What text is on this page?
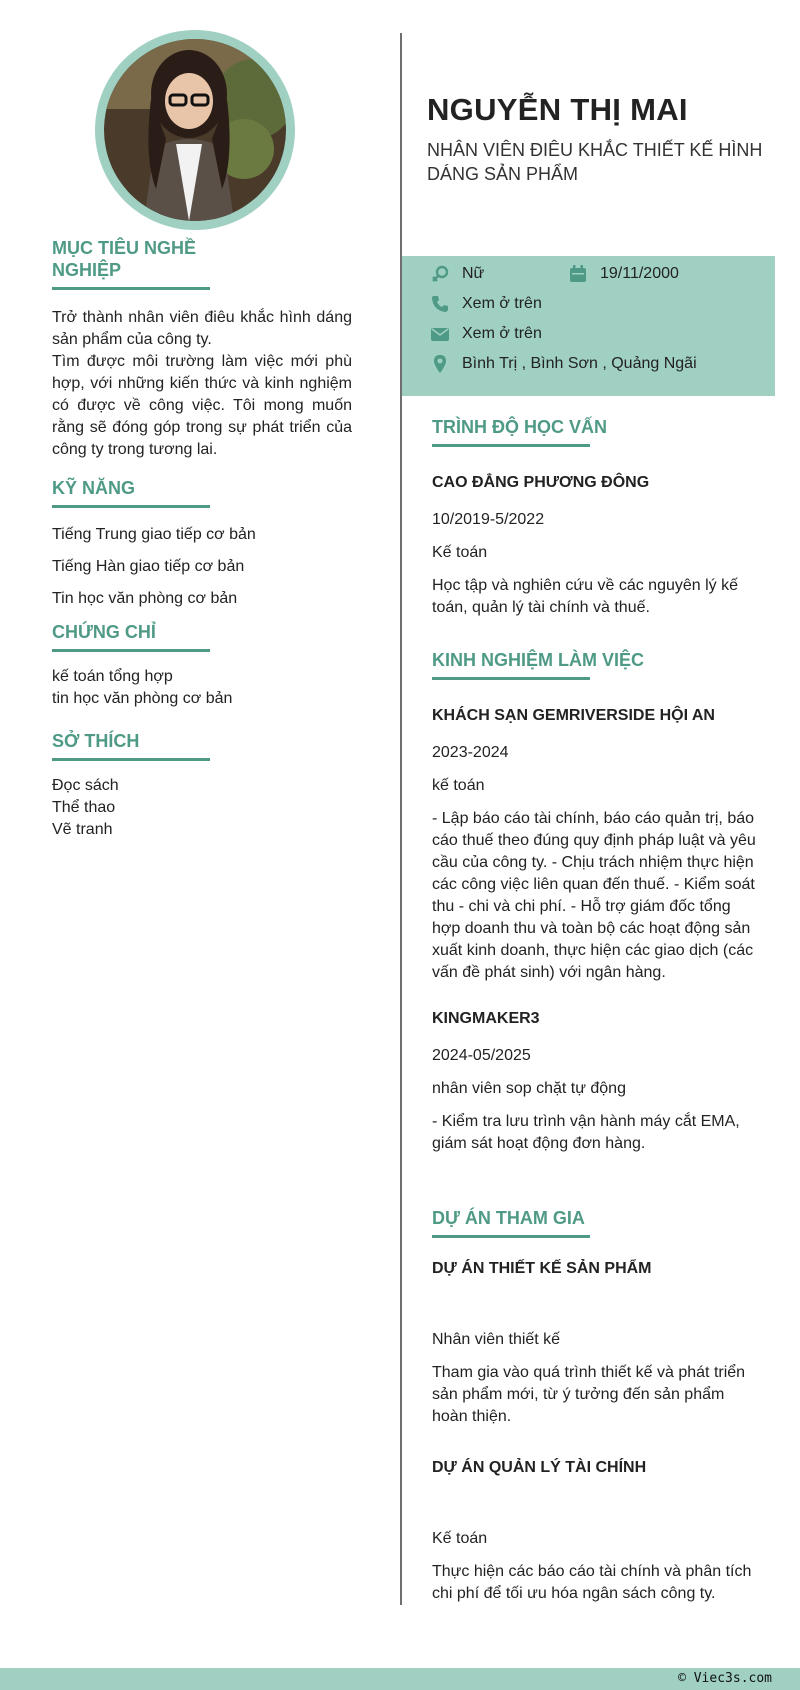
MỤC TIÊU NGHỀ NGHIỆP
Trở thành nhân viên điêu khắc hình dáng sản phẩm của công ty.
Tìm được môi trường làm việc mới phù hợp, với những kiến thức và kinh nghiệm có được về công việc. Tôi mong muốn rằng sẽ đóng góp trong sự phát triển của công ty trong tương lai.
KỸ NĂNG
Tiếng Trung giao tiếp cơ bản
Tiếng Hàn giao tiếp cơ bản
Tin học văn phòng cơ bản
CHỨNG CHỈ
kế toán tổng hợp
tin học văn phòng cơ bản
SỞ THÍCH
Đọc sách
Thể thao
Vẽ tranh
NGUYỄN THỊ MAI
NHÂN VIÊN ĐIÊU KHẮC THIẾT KẾ HÌNH DÁNG SẢN PHẨM
Nữ	19/11/2000
Xem ở trên
Xem ở trên
Bình Trị , Bình Sơn , Quảng Ngãi
TRÌNH ĐỘ HỌC VẤN
CAO ĐẲNG PHƯƠNG ĐÔNG
10/2019-5/2022
Kế toán
Học tập và nghiên cứu về các nguyên lý kế toán, quản lý tài chính và thuế.
KINH NGHIỆM LÀM VIỆC
KHÁCH SẠN GEMRIVERSIDE HỘI AN
2023-2024
kế toán
- Lập báo cáo tài chính, báo cáo quản trị, báo cáo thuế theo đúng quy định pháp luật và yêu cầu của công ty. - Chịu trách nhiệm thực hiện các công việc liên quan đến thuế. - Kiểm soát thu - chi và chi phí. - Hỗ trợ giám đốc tổng hợp doanh thu và toàn bộ các hoạt động sản xuất kinh doanh, thực hiện các giao dịch (các vấn đề phát sinh) với ngân hàng.
KINGMAKER3
2024-05/2025
nhân viên sop chặt tự động
- Kiểm tra lưu trình vận hành máy cắt EMA, giám sát hoạt động đơn hàng.
DỰ ÁN THAM GIA
DỰ ÁN THIẾT KẾ SẢN PHẨM
Nhân viên thiết kế
Tham gia vào quá trình thiết kế và phát triển sản phẩm mới, từ ý tưởng đến sản phẩm hoàn thiện.
DỰ ÁN QUẢN LÝ TÀI CHÍNH
Kế toán
Thực hiện các báo cáo tài chính và phân tích chi phí để tối ưu hóa ngân sách công ty.
© Viec3s.com
